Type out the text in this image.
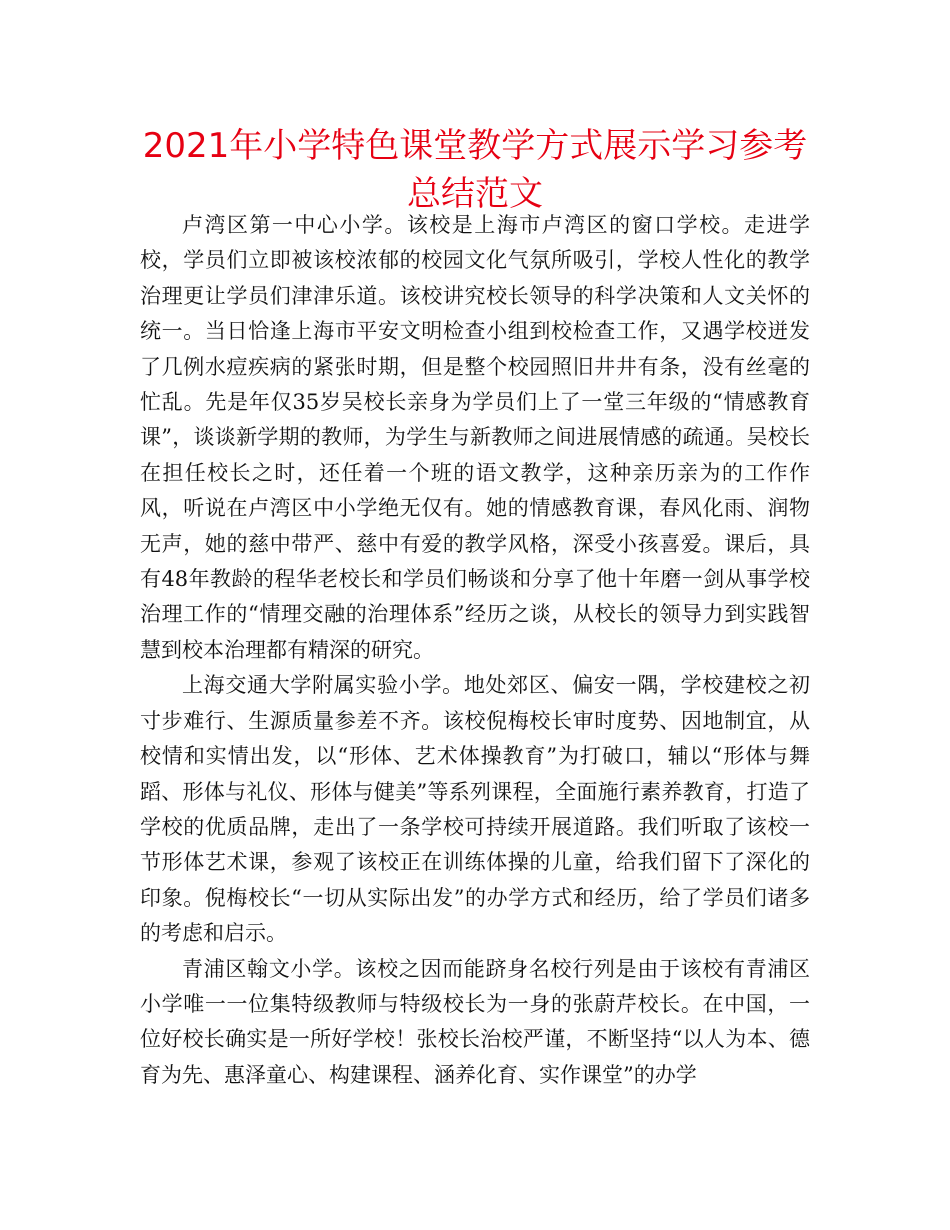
2021年小学特色课堂教学方式展示学习参考总结范文

卢湾区第一中心小学。该校是上海市卢湾区的窗口学校。走进学校，学员们立即被该校浓郁的校园文化气氛所吸引，学校人性化的教学治理更让学员们津津乐道。该校讲究校长领导的科学决策和人文关怀的统一。当日恰逢上海市平安文明检查小组到校检查工作，又遇学校迸发了几例水痘疾病的紧张时期，但是整个校园照旧井井有条，没有丝毫的忙乱。先是年仅35岁吴校长亲身为学员们上了一堂三年级的“情感教育课”，谈谈新学期的教师，为学生与新教师之间进展情感的疏通。吴校长在担任校长之时，还任着一个班的语文教学，这种亲历亲为的工作作风，听说在卢湾区中小学绝无仅有。她的情感教育课，春风化雨、润物无声，她的慈中带严、慈中有爱的教学风格，深受小孩喜爱。课后，具有48年教龄的程华老校长和学员们畅谈和分享了他十年磨一剑从事学校治理工作的“情理交融的治理体系”经历之谈，从校长的领导力到实践智慧到校本治理都有精深的研究。

上海交通大学附属实验小学。地处郊区、偏安一隅，学校建校之初寸步难行、生源质量参差不齐。该校倪梅校长审时度势、因地制宜，从校情和实情出发，以“形体、艺术体操教育”为打破口，辅以“形体与舞蹈、形体与礼仪、形体与健美”等系列课程，全面施行素养教育，打造了学校的优质品牌，走出了一条学校可持续开展道路。我们听取了该校一节形体艺术课，参观了该校正在训练体操的儿童，给我们留下了深化的印象。倪梅校长“一切从实际出发”的办学方式和经历，给了学员们诸多的考虑和启示。

青浦区翰文小学。该校之因而能跻身名校行列是由于该校有青浦区小学唯一一位集特级教师与特级校长为一身的张蔚芹校长。在中国，一位好校长确实是一所好学校！张校长治校严谨，不断坚持“以人为本、德育为先、惠泽童心、构建课程、涵养化育、实作课堂”的办学
